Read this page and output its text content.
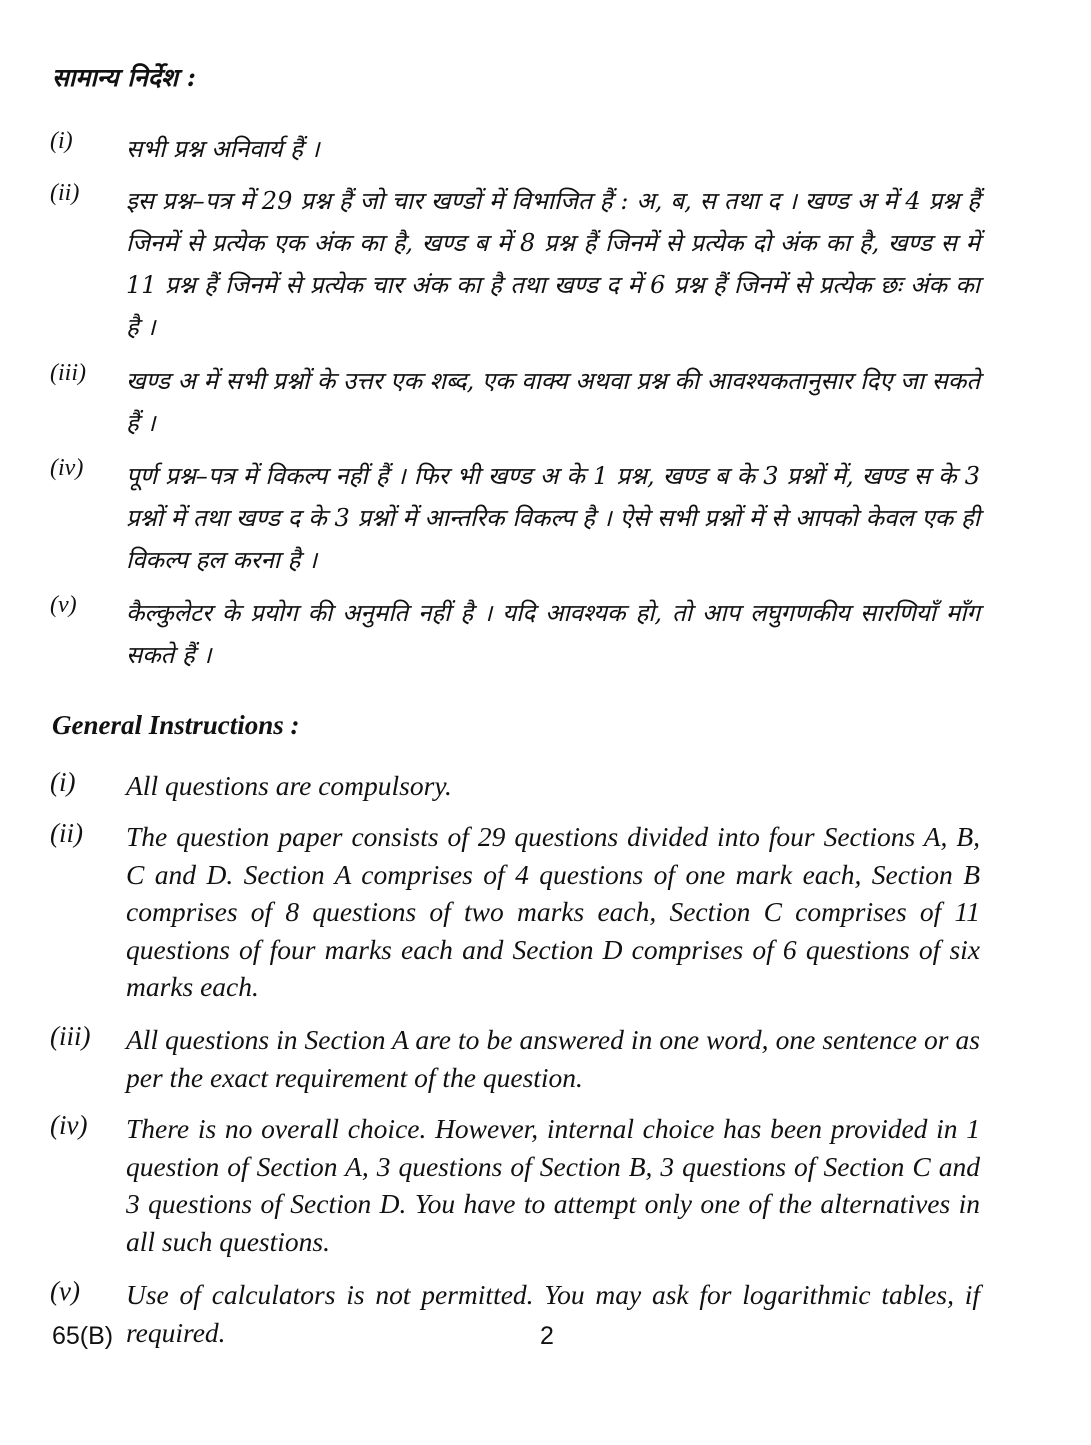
सामान्य निर्देश :
(i) सभी प्रश्न अनिवार्य हैं ।
(ii) इस प्रश्न–पत्र में 29 प्रश्न हैं जो चार खण्डों में विभाजित हैं : अ, ब, स तथा द । खण्ड अ में 4 प्रश्न हैं जिनमें से प्रत्येक एक अंक का है, खण्ड ब में 8 प्रश्न हैं जिनमें से प्रत्येक दो अंक का है, खण्ड स में 11 प्रश्न हैं जिनमें से प्रत्येक चार अंक का है तथा खण्ड द में 6 प्रश्न हैं जिनमें से प्रत्येक छः अंक का है ।
(iii) खण्ड अ में सभी प्रश्नों के उत्तर एक शब्द, एक वाक्य अथवा प्रश्न की आवश्यकतानुसार दिए जा सकते हैं ।
(iv) पूर्ण प्रश्न–पत्र में विकल्प नहीं हैं । फिर भी खण्ड अ के 1 प्रश्न, खण्ड ब के 3 प्रश्नों में, खण्ड स के 3 प्रश्नों में तथा खण्ड द के 3 प्रश्नों में आन्तरिक विकल्प है । ऐसे सभी प्रश्नों में से आपको केवल एक ही विकल्प हल करना है ।
(v) कैल्कुलेटर के प्रयोग की अनुमति नहीं है । यदि आवश्यक हो, तो आप लघुगणकीय सारणियाँ माँग सकते हैं ।
General Instructions :
(i) All questions are compulsory.
(ii) The question paper consists of 29 questions divided into four Sections A, B, C and D. Section A comprises of 4 questions of one mark each, Section B comprises of 8 questions of two marks each, Section C comprises of 11 questions of four marks each and Section D comprises of 6 questions of six marks each.
(iii) All questions in Section A are to be answered in one word, one sentence or as per the exact requirement of the question.
(iv) There is no overall choice. However, internal choice has been provided in 1 question of Section A, 3 questions of Section B, 3 questions of Section C and 3 questions of Section D. You have to attempt only one of the alternatives in all such questions.
(v) Use of calculators is not permitted. You may ask for logarithmic tables, if required.
65(B)	2
